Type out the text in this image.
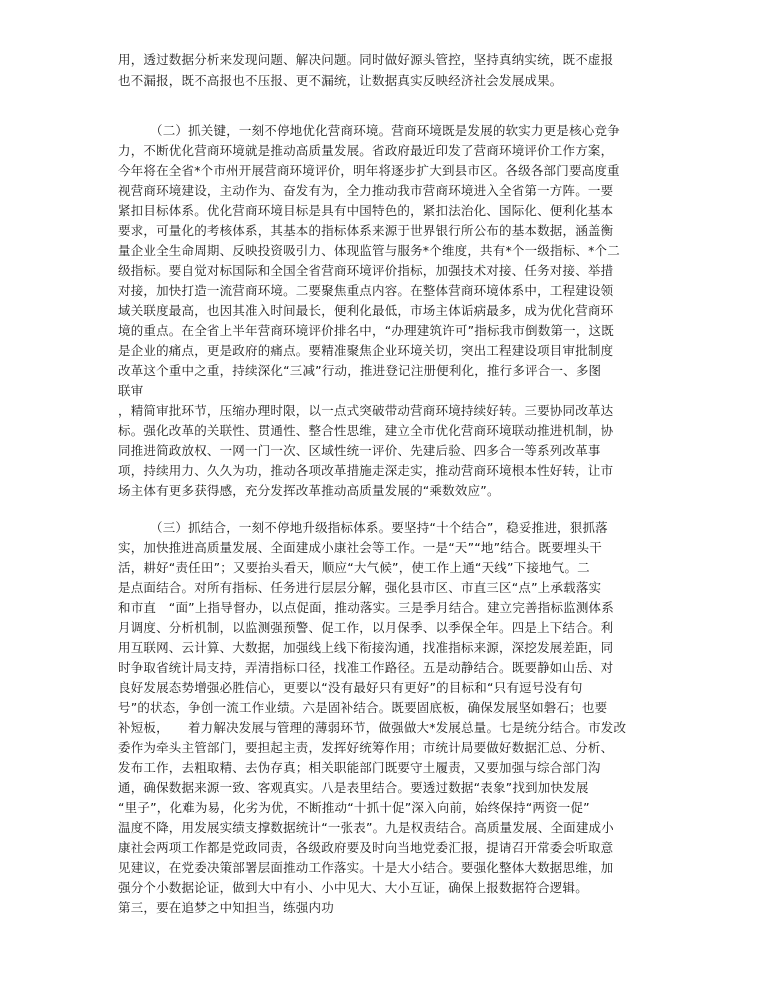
用，透过数据分析来发现问题、解决问题。同时做好源头管控，坚持真纳实统，既不虚报
也不漏报，既不高报也不压报、更不漏统，让数据真实反映经济社会发展成果。
（二）抓关键，一刻不停地优化营商环境。营商环境既是发展的软实力更是核心竞争
力，不断优化营商环境就是推动高质量发展。省政府最近印发了营商环境评价工作方案，
今年将在全省*个市州开展营商环境评价，明年将逐步扩大到县市区。各级各部门要高度重
视营商环境建设，主动作为、奋发有为，全力推动我市营商环境进入全省第一方阵。一要
紧扣目标体系。优化营商环境目标是具有中国特色的，紧扣法治化、国际化、便利化基本
要求，可量化的考核体系，其基本的指标体系来源于世界银行所公布的基本数据，涵盖衡
量企业全生命周期、反映投资吸引力、体现监管与服务*个维度，共有*个一级指标、*个二
级指标。要自觉对标国际和全国全省营商环境评价指标，加强技术对接、任务对接、举措
对接，加快打造一流营商环境。二要聚焦重点内容。在整体营商环境体系中，工程建设领
域关联度最高，也因其准入时间最长，便利化最低，市场主体诟病最多，成为优化营商环
境的重点。在全省上半年营商环境评价排名中，“办理建筑许可”指标我市倒数第一，这既
是企业的痛点，更是政府的痛点。要精准聚焦企业环境关切，突出工程建设项目审批制度
改革这个重中之重，持续深化“三减”行动，推进登记注册便利化，推行多评合一、多图
联审
，精简审批环节，压缩办理时限，以一点式突破带动营商环境持续好转。三要协同改革达
标。强化改革的关联性、贯通性、整合性思维，建立全市优化营商环境联动推进机制，协
同推进简政放权、一网一门一次、区域性统一评价、先建后验、四多合一等系列改革事
项，持续用力、久久为功，推动各项改革措施走深走实，推动营商环境根本性好转，让市
场主体有更多获得感，充分发挥改革推动高质量发展的“乘数效应”。
（三）抓结合，一刻不停地升级指标体系。要坚持“十个结合”，稳妥推进，狠抓落
实，加快推进高质量发展、全面建成小康社会等工作。一是“天”“地”结合。既要埋头干
活，耕好“责任田”；又要抬头看天，顺应“大气候”，使工作上通“天线”下接地气。二
是点面结合。对所有指标、任务进行层层分解，强化县市区、市直三区“点”上承载落实
和市直　“面”上指导督办，以点促面，推动落实。三是季月结合。建立完善指标监测体系
月调度、分析机制，以监测强预警、促工作，以月保季、以季保全年。四是上下结合。利
用互联网、云计算、大数据，加强线上线下衔接沟通，找准指标来源，深挖发展差距，同
时争取省统计局支持，弄清指标口径，找准工作路径。五是动静结合。既要静如山岳、对
良好发展态势增强必胜信心，更要以“没有最好只有更好”的目标和“只有逗号没有句
号”的状态，争创一流工作业绩。六是固补结合。既要固底板，确保发展坚如磐石；也要
补短板，　　着力解决发展与管理的薄弱环节，做强做大*发展总量。七是统分结合。市发改
委作为牵头主管部门，要担起主责，发挥好统筹作用；市统计局要做好数据汇总、分析、
发布工作，去粗取精、去伪存真；相关职能部门既要守土履责，又要加强与综合部门沟
通，确保数据来源一致、客观真实。八是表里结合。要透过数据“表象”找到加快发展
“里子”，化难为易，化劣为优，不断推动“十抓十促”深入向前，始终保持“两资一促”
温度不降，用发展实绩支撑数据统计“一张表”。九是权责结合。高质量发展、全面建成小
康社会两项工作都是党政同责，各级政府要及时向当地党委汇报，提请召开常委会听取意
见建议，在党委决策部署层面推动工作落实。十是大小结合。要强化整体大数据思维，加
强分个小数据论证，做到大中有小、小中见大、大小互证，确保上报数据符合逻辑。
第三，要在追梦之中知担当，练强内功
